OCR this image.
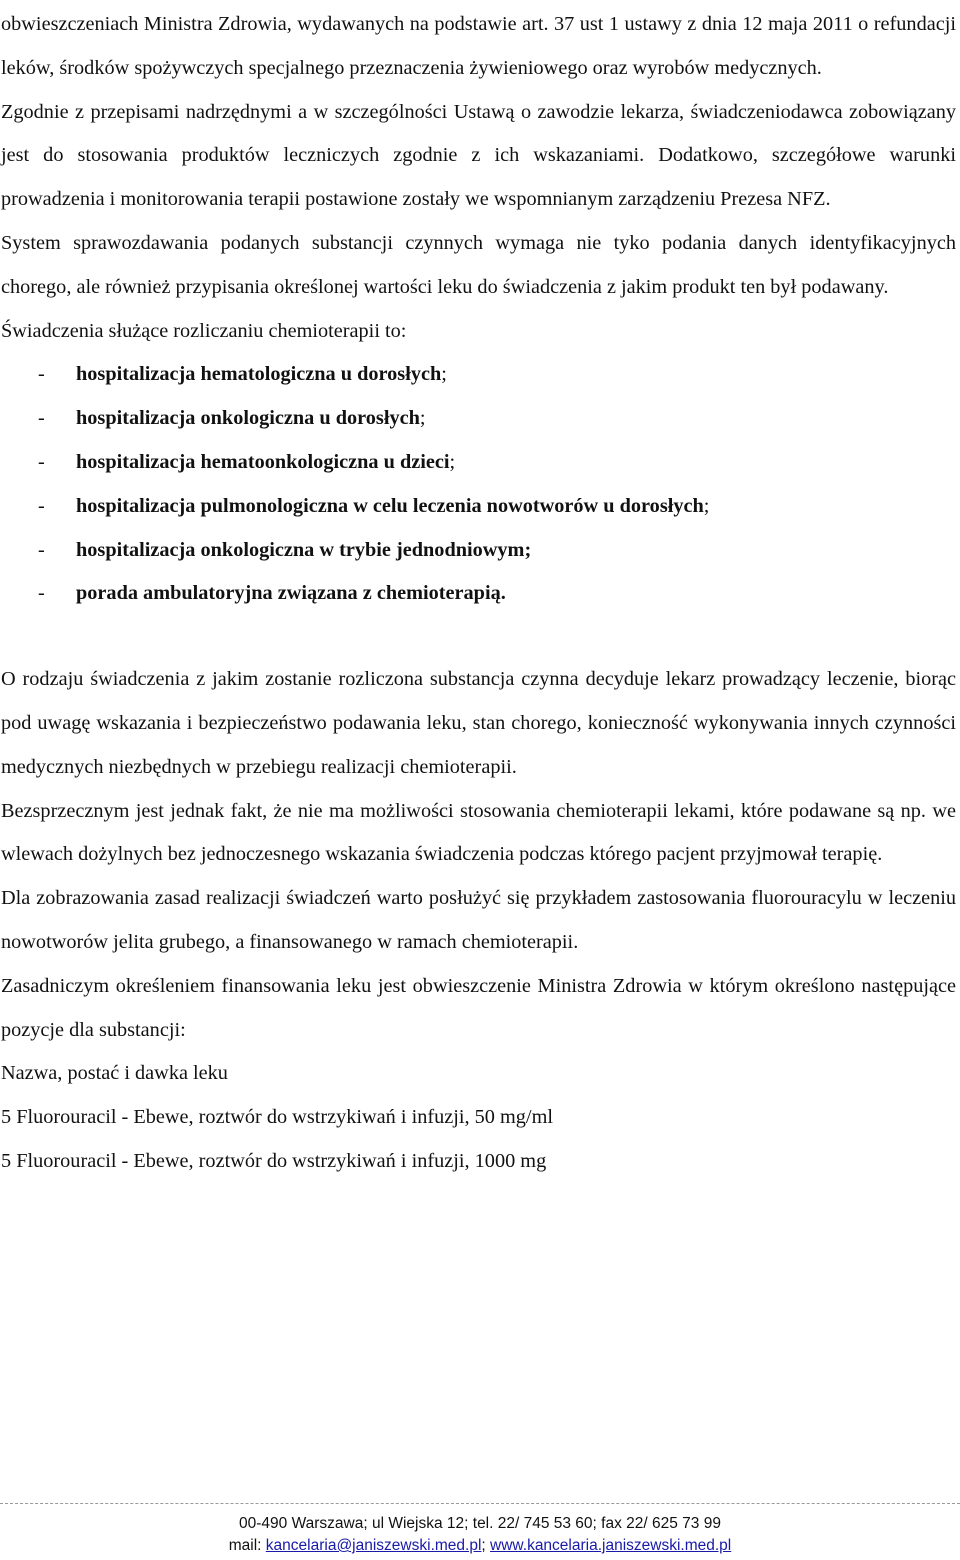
obwieszczeniach Ministra Zdrowia, wydawanych na podstawie art. 37 ust 1 ustawy z dnia 12 maja 2011 o refundacji leków, środków spożywczych specjalnego przeznaczenia żywieniowego oraz wyrobów medycznych.

Zgodnie z przepisami nadrzędnymi a w szczególności Ustawą o zawodzie lekarza, świadczeniodawca zobowiązany jest do stosowania produktów leczniczych zgodnie z ich wskazaniami. Dodatkowo, szczegółowe warunki prowadzenia i monitorowania terapii postawione zostały we wspomnianym zarządzeniu Prezesa NFZ.

System sprawozdawania podanych substancji czynnych wymaga nie tyko podania danych identyfikacyjnych chorego, ale również przypisania określonej wartości leku do świadczenia z jakim produkt ten był podawany.

Świadczenia służące rozliczaniu chemioterapii to:

- hospitalizacja hematologiczna u dorosłych;
- hospitalizacja onkologiczna u dorosłych;
- hospitalizacja hematoonkologiczna u dzieci;
- hospitalizacja pulmonologiczna w celu leczenia nowotworów u dorosłych;
- hospitalizacja onkologiczna w trybie jednodniowym;
- porada ambulatoryjna związana z chemioterapią.

O rodzaju świadczenia z jakim zostanie rozliczona substancja czynna decyduje lekarz prowadzący leczenie, biorąc pod uwagę wskazania i bezpieczeństwo podawania leku, stan chorego, konieczność wykonywania innych czynności medycznych niezbędnych w przebiegu realizacji chemioterapii.

Bezsprzecznym jest jednak fakt, że nie ma możliwości stosowania chemioterapii lekami, które podawane są np. we wlewach dożylnych bez jednoczesnego wskazania świadczenia podczas którego pacjent przyjmował terapię.

Dla zobrazowania zasad realizacji świadczeń warto posłużyć się przykładem zastosowania fluorouracylu w leczeniu nowotworów jelita grubego, a finansowanego w ramach chemioterapii.

Zasadniczym określeniem finansowania leku jest obwieszczenie Ministra Zdrowia w którym określono następujące pozycje dla substancji:

Nazwa, postać i dawka leku

5 Fluorouracil - Ebewe, roztwór do wstrzykiwań i infuzji, 50 mg/ml

5 Fluorouracil - Ebewe, roztwór do wstrzykiwań i infuzji, 1000 mg

00-490 Warszawa; ul Wiejska 12; tel. 22/ 745 53 60; fax 22/ 625 73 99
mail: kancelaria@janiszewski.med.pl; www.kancelaria.janiszewski.med.pl
